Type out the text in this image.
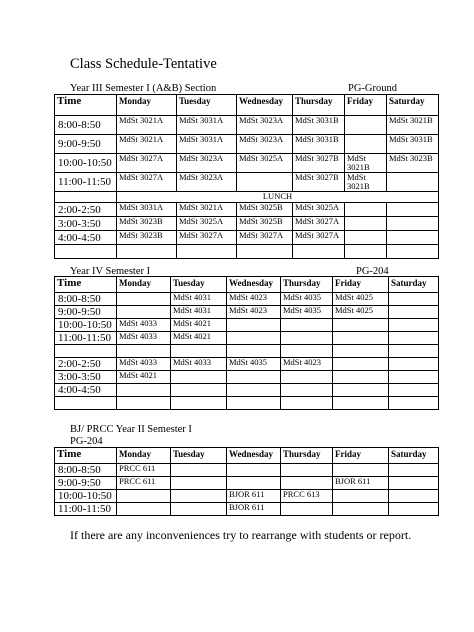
Class Schedule-Tentative
Year III Semester I (A&B) Section	PG-Ground
Time	Monday	Tuesday	Wednesday	Thursday	Friday	Saturday
8:00-8:50	MdSt 3021A	MdSt 3031A	MdSt 3023A	MdSt 3031B		MdSt 3021B
9:00-9:50	MdSt 3021A	MdSt 3031A	MdSt 3023A	MdSt 3031B		MdSt 3031B
10:00-10:50	MdSt 3027A	MdSt 3023A	MdSt 3025A	MdSt 3027B	MdSt 3021B	MdSt 3023B
11:00-11:50	MdSt 3027A	MdSt 3023A		MdSt 3027B	MdSt 3021B	
	LUNCH					
2:00-2:50	MdSt 3031A	MdSt 3021A	MdSt 3025B	MdSt 3025A		
3:00-3:50	MdSt 3023B	MdSt 3025A	MdSt 3025B	MdSt 3027A		
4:00-4:50	MdSt 3023B	MdSt 3027A	MdSt 3027A	MdSt 3027A		

Year IV Semester I	PG-204
Time	Monday	Tuesday	Wednesday	Thursday	Friday	Saturday
8:00-8:50		MdSt 4031	MdSt 4023	MdSt 4035	MdSt 4025	
9:00-9:50		MdSt 4031	MdSt 4023	MdSt 4035	MdSt 4025	
10:00-10:50	MdSt 4033	MdSt 4021				
11:00-11:50	MdSt 4033	MdSt 4021				

2:00-2:50	MdSt 4033	MdSt 4033	MdSt 4035	MdSt 4023		
3:00-3:50	MdSt 4021					
4:00-4:50						

BJ/ PRCC Year II Semester I
PG-204
Time	Monday	Tuesday	Wednesday	Thursday	Friday	Saturday
8:00-8:50	PRCC 611					
9:00-9:50	PRCC 611				BJOR 611	
10:00-10:50			BJOR 611	PRCC 613		
11:00-11:50			BJOR 611			
If there are any inconveniences try to rearrange with students or report.
